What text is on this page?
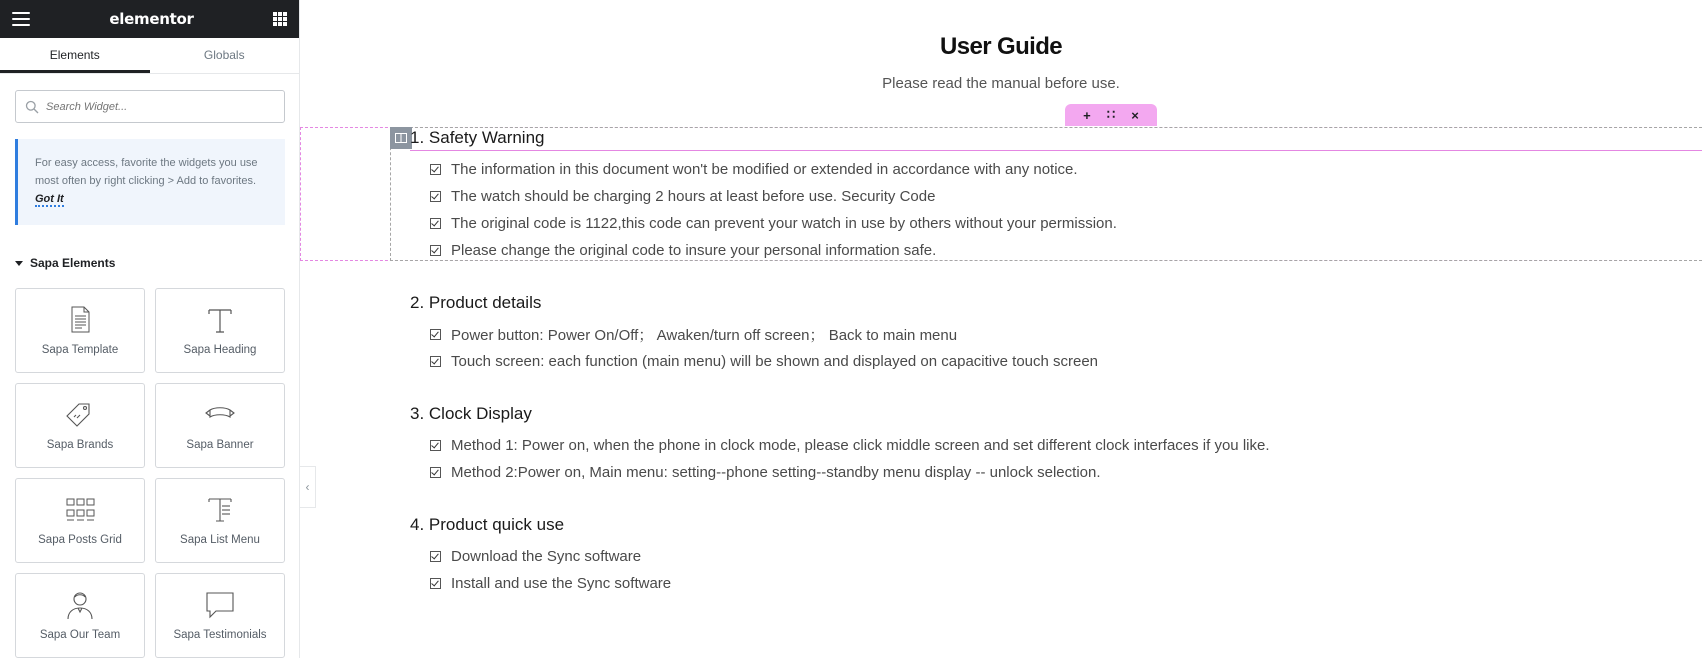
elementor
Elements	Globals
Search Widget...
For easy access, favorite the widgets you use most often by right clicking > Add to favorites. Got It
Sapa Elements
Sapa Template	Sapa Heading
Sapa Brands	Sapa Banner
Sapa Posts Grid	Sapa List Menu
Sapa Our Team	Sapa Testimonials
‹
User Guide
Please read the manual before use.
+ ∷ ×
1. Safety Warning
The information in this document won't be modified or extended in accordance with any notice.
The watch should be charging 2 hours at least before use. Security Code
The original code is 1122,this code can prevent your watch in use by others without your permission.
Please change the original code to insure your personal information safe.
2. Product details
Power button: Power On/Off； Awaken/turn off screen； Back to main menu
Touch screen: each function (main menu) will be shown and displayed on capacitive touch screen
3. Clock Display
Method 1: Power on, when the phone in clock mode, please click middle screen and set different clock interfaces if you like.
Method 2:Power on, Main menu: setting--phone setting--standby menu display -- unlock selection.
4. Product quick use
Download the Sync software
Install and use the Sync software
